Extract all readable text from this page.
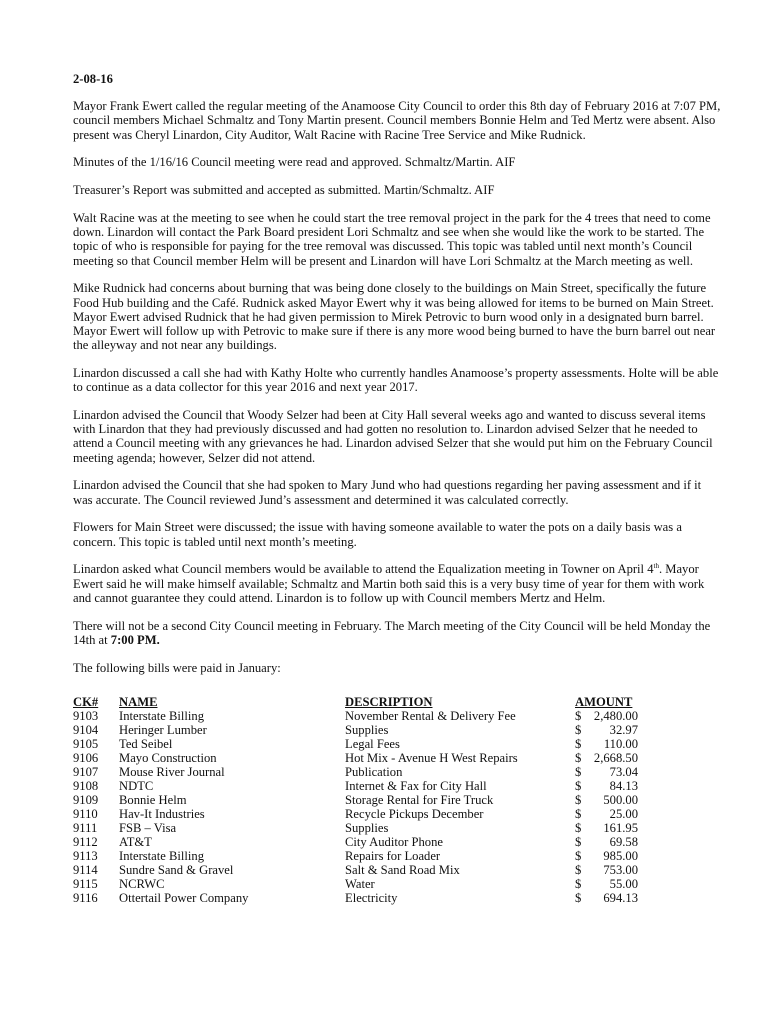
2-08-16

Mayor Frank Ewert called the regular meeting of the Anamoose City Council to order this 8th day of February 2016 at 7:07 PM, council members Michael Schmaltz and Tony Martin present. Council members Bonnie Helm and Ted Mertz were absent. Also present was Cheryl Linardon, City Auditor, Walt Racine with Racine Tree Service and Mike Rudnick.

Minutes of the 1/16/16 Council meeting were read and approved. Schmaltz/Martin. AIF

Treasurer’s Report was submitted and accepted as submitted. Martin/Schmaltz. AIF

Walt Racine was at the meeting to see when he could start the tree removal project in the park for the 4 trees that need to come down. Linardon will contact the Park Board president Lori Schmaltz and see when she would like the work to be started. The topic of who is responsible for paying for the tree removal was discussed. This topic was tabled until next month’s Council meeting so that Council member Helm will be present and Linardon will have Lori Schmaltz at the March meeting as well.

Mike Rudnick had concerns about burning that was being done closely to the buildings on Main Street, specifically the future Food Hub building and the Café. Rudnick asked Mayor Ewert why it was being allowed for items to be burned on Main Street. Mayor Ewert advised Rudnick that he had given permission to Mirek Petrovic to burn wood only in a designated burn barrel. Mayor Ewert will follow up with Petrovic to make sure if there is any more wood being burned to have the burn barrel out near the alleyway and not near any buildings.

Linardon discussed a call she had with Kathy Holte who currently handles Anamoose’s property assessments. Holte will be able to continue as a data collector for this year 2016 and next year 2017.

Linardon advised the Council that Woody Selzer had been at City Hall several weeks ago and wanted to discuss several items with Linardon that they had previously discussed and had gotten no resolution to. Linardon advised Selzer that he needed to attend a Council meeting with any grievances he had. Linardon advised Selzer that she would put him on the February Council meeting agenda; however, Selzer did not attend.

Linardon advised the Council that she had spoken to Mary Jund who had questions regarding her paving assessment and if it was accurate. The Council reviewed Jund’s assessment and determined it was calculated correctly.

Flowers for Main Street were discussed; the issue with having someone available to water the pots on a daily basis was a concern. This topic is tabled until next month’s meeting.

Linardon asked what Council members would be available to attend the Equalization meeting in Towner on April 4th. Mayor Ewert said he will make himself available; Schmaltz and Martin both said this is a very busy time of year for them with work and cannot guarantee they could attend. Linardon is to follow up with Council members Mertz and Helm.

There will not be a second City Council meeting in February. The March meeting of the City Council will be held Monday the 14th at 7:00 PM.

The following bills were paid in January:

CK#	NAME	DESCRIPTION	AMOUNT
9103	Interstate Billing	November Rental & Delivery Fee	$ 2,480.00

9104	Heringer Lumber	Supplies	$ 32.97

9105	Ted Seibel	Legal Fees	$ 110.00

9106	Mayo Construction	Hot Mix - Avenue H West Repairs	$ 2,668.50

9107	Mouse River Journal	Publication	$ 73.04

9108	NDTC	Internet & Fax for City Hall	$ 84.13

9109	Bonnie Helm	Storage Rental for Fire Truck	$ 500.00

9110	Hav-It Industries	Recycle Pickups December	$ 25.00

9111	FSB – Visa	Supplies	$ 161.95

9112	AT&T	City Auditor Phone	$ 69.58

9113	Interstate Billing	Repairs for Loader	$ 985.00

9114	Sundre Sand & Gravel	Salt & Sand Road Mix	$ 753.00

9115	NCRWC	Water	$ 55.00

9116	Ottertail Power Company	Electricity	$ 694.13
